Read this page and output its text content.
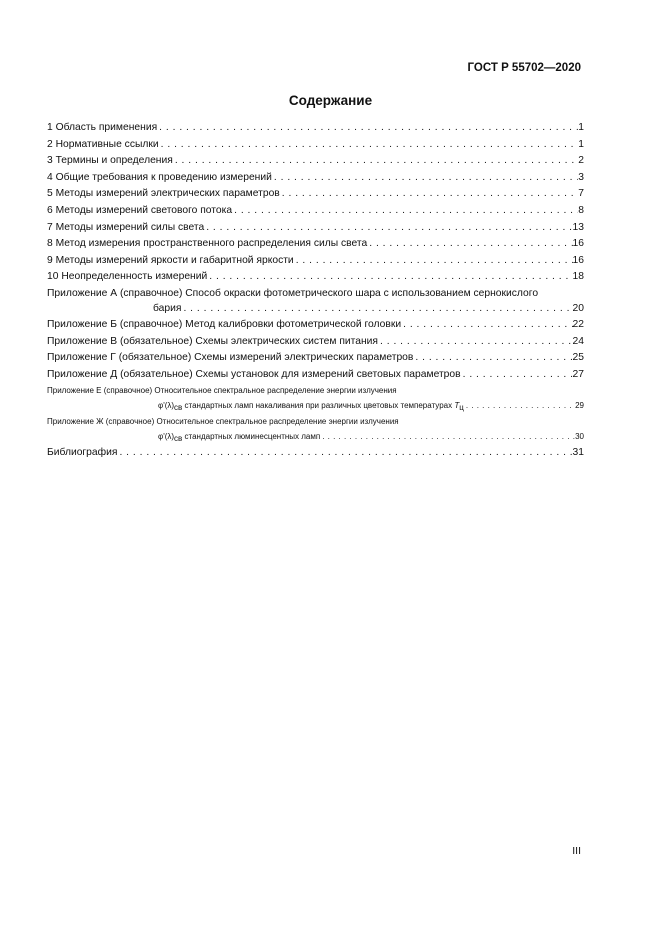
ГОСТ Р 55702—2020
Содержание
1 Область применения . . .	1
2 Нормативные ссылки . . .	1
3 Термины и определения . . .	2
4 Общие требования к проведению измерений . . .	3
5 Методы измерений электрических параметров . . .	7
6 Методы измерений светового потока . . .	8
7 Методы измерений силы света . . .	13
8 Метод измерения пространственного распределения силы света . . .	16
9 Методы измерений яркости и габаритной яркости . . .	16
10 Неопределенность измерений . . .	18
Приложение А (справочное) Способ окраски фотометрического шара с использованием сернокислого
бария . . .	20
Приложение Б (справочное) Метод калибровки фотометрической головки . . .	22
Приложение В (обязательное) Схемы электрических систем питания . . .	24
Приложение Г (обязательное) Схемы измерений электрических параметров . . .	25
Приложение Д (обязательное) Схемы установок для измерений световых параметров . . .	27
Приложение Е (справочное) Относительное спектральное распределение энергии излучения
φ'(λ)св стандартных ламп накаливания при различных цветовых температурах Tц . . .	29
Приложение Ж (справочное) Относительное спектральное распределение энергии излучения
φ'(λ)св стандартных люминесцентных ламп . . .	30
Библиография . . .	31
III
